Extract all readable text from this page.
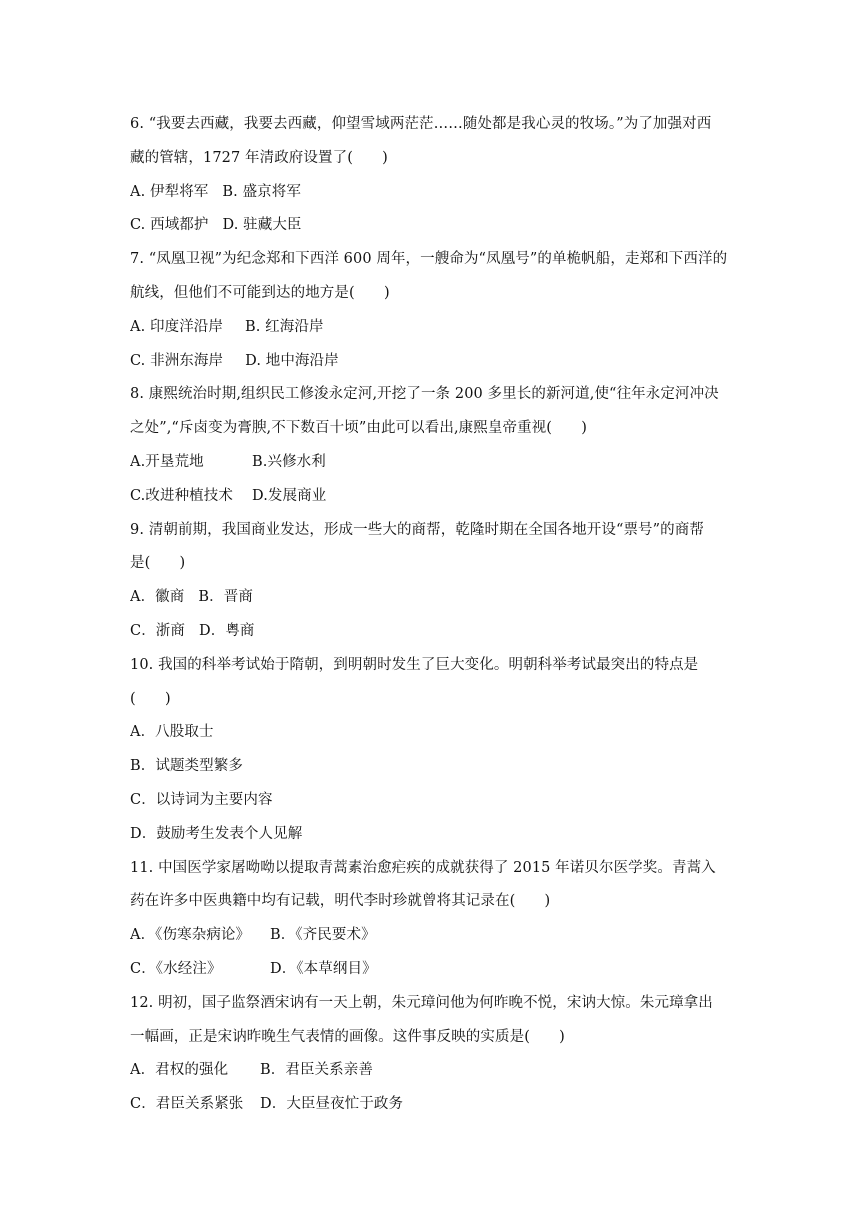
6. “我要去西藏，我要去西藏，仰望雪域两茫茫……随处都是我心灵的牧场。”为了加强对西
藏的管辖，1727 年清政府设置了(　　)
A. 伊犁将军 B. 盛京将军
C. 西域都护 D. 驻藏大臣
7. “凤凰卫视”为纪念郑和下西洋 600 周年，一艘命为“凤凰号”的单桅帆船，走郑和下西洋的
航线，但他们不可能到达的地方是(　　)
A. 印度洋沿岸 B. 红海沿岸
C. 非洲东海岸 D. 地中海沿岸
8. 康熙统治时期,组织民工修浚永定河,开挖了一条 200 多里长的新河道,使“往年永定河冲决
之处”,“斥卤变为膏腴,不下数百十顷”由此可以看出,康熙皇帝重视(　　)
A.开垦荒地	B.兴修水利
C.改进种植技术 D.发展商业
9. 清朝前期，我国商业发达，形成一些大的商帮，乾隆时期在全国各地开设“票号”的商帮
是(　　)
A．徽商 B．晋商
C．浙商 D．粤商
10. 我国的科举考试始于隋朝，到明朝时发生了巨大变化。明朝科举考试最突出的特点是
(　　)
A．八股取士
B．试题类型繁多
C．以诗词为主要内容
D．鼓励考生发表个人见解
11. 中国医学家屠呦呦以提取青蒿素治愈疟疾的成就获得了 2015 年诺贝尔医学奖。青蒿入
药在许多中医典籍中均有记载，明代李时珍就曾将其记录在(　　)
A．《伤寒杂病论》 B．《齐民要术》
C．《水经注》	D．《本草纲目》
12. 明初，国子监祭酒宋讷有一天上朝，朱元璋问他为何昨晚不悦，宋讷大惊。朱元璋拿出
一幅画，正是宋讷昨晚生气表情的画像。这件事反映的实质是(　　)
A．君权的强化 B．君臣关系亲善
C．君臣关系紧张 D．大臣昼夜忙于政务
